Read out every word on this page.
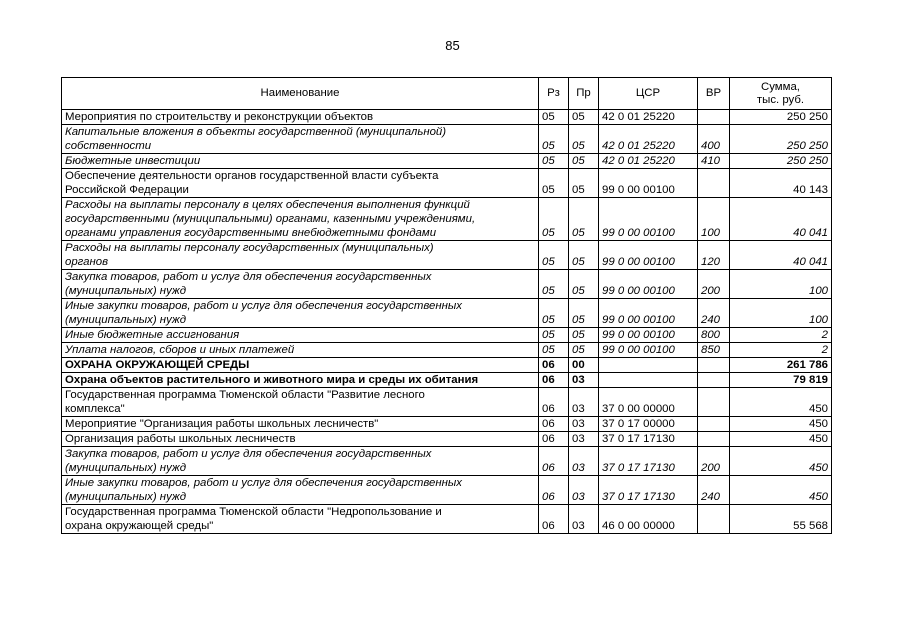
85
Наименование	Рз	Пр	ЦСР	ВР	Сумма,
тыс. руб.

Мероприятия по строительству и реконструкции объектов	05	05	42 0 01 25220		250 250

Капитальные вложения в объекты государственной (муниципальной)
собственности	05	05	42 0 01 25220	400	250 250

Бюджетные инвестиции	05	05	42 0 01 25220	410	250 250

Обеспечение деятельности органов государственной власти субъекта
Российской Федерации	05	05	99 0 00 00100		40 143

Расходы на выплаты персоналу в целях обеспечения выполнения функций
государственными (муниципальными) органами, казенными учреждениями,
органами управления государственными внебюджетными фондами	05	05	99 0 00 00100	100	40 041

Расходы на выплаты персоналу государственных (муниципальных)
органов	05	05	99 0 00 00100	120	40 041

Закупка товаров, работ и услуг для обеспечения государственных
(муниципальных) нужд	05	05	99 0 00 00100	200	100

Иные закупки товаров, работ и услуг для обеспечения государственных
(муниципальных) нужд	05	05	99 0 00 00100	240	100

Иные бюджетные ассигнования	05	05	99 0 00 00100	800	2

Уплата налогов, сборов и иных платежей	05	05	99 0 00 00100	850	2

ОХРАНА ОКРУЖАЮЩЕЙ СРЕДЫ	06	00			261 786

Охрана объектов растительного и животного мира и среды их обитания	06	03			79 819

Государственная программа Тюменской области "Развитие лесного
комплекса"	06	03	37 0 00 00000		450

Мероприятие "Организация работы школьных лесничеств"	06	03	37 0 17 00000		450

Организация работы школьных лесничеств	06	03	37 0 17 17130		450

Закупка товаров, работ и услуг для обеспечения государственных
(муниципальных) нужд	06	03	37 0 17 17130	200	450

Иные закупки товаров, работ и услуг для обеспечения государственных
(муниципальных) нужд	06	03	37 0 17 17130	240	450

Государственная программа Тюменской области "Недропользование и
охрана окружающей среды"	06	03	46 0 00 00000		55 568
